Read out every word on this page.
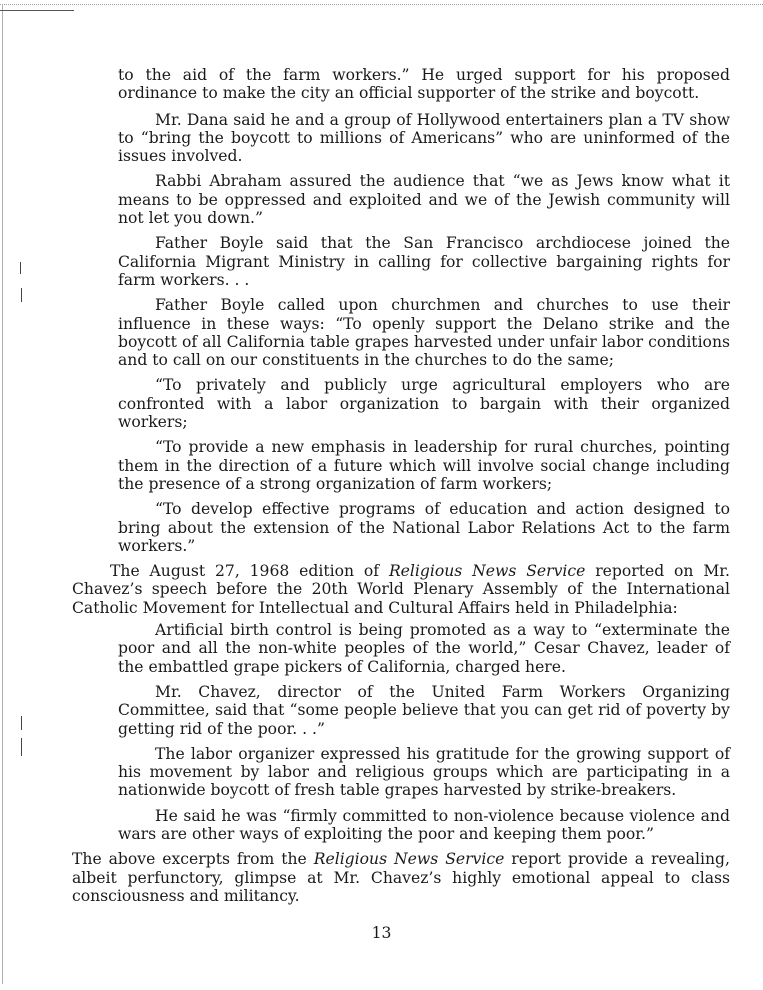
to the aid of the farm workers.” He urged support for his proposed ordinance to make the city an official supporter of the strike and boycott.

Mr. Dana said he and a group of Hollywood entertainers plan a TV show to “bring the boycott to millions of Americans” who are uninformed of the issues involved.

Rabbi Abraham assured the audience that “we as Jews know what it means to be oppressed and exploited and we of the Jewish community will not let you down.”

Father Boyle said that the San Francisco archdiocese joined the California Migrant Ministry in calling for collective bargaining rights for farm workers. . .

Father Boyle called upon churchmen and churches to use their influence in these ways: “To openly support the Delano strike and the boycott of all California table grapes harvested under unfair labor conditions and to call on our constituents in the churches to do the same;

“To privately and publicly urge agricultural employers who are confronted with a labor organization to bargain with their organized workers;

“To provide a new emphasis in leadership for rural churches, pointing them in the direction of a future which will involve social change including the presence of a strong organization of farm workers;

“To develop effective programs of education and action designed to bring about the extension of the National Labor Relations Act to the farm workers.”

The August 27, 1968 edition of Religious News Service reported on Mr. Chavez’s speech before the 20th World Plenary Assembly of the International Catholic Movement for Intellectual and Cultural Affairs held in Philadelphia:

Artificial birth control is being promoted as a way to “exterminate the poor and all the non-white peoples of the world,” Cesar Chavez, leader of the embattled grape pickers of California, charged here.

Mr. Chavez, director of the United Farm Workers Organizing Committee, said that “some people believe that you can get rid of poverty by getting rid of the poor. . .”

The labor organizer expressed his gratitude for the growing support of his movement by labor and religious groups which are participating in a nationwide boycott of fresh table grapes harvested by strike-breakers.

He said he was “firmly committed to non-violence because violence and wars are other ways of exploiting the poor and keeping them poor.”

The above excerpts from the Religious News Service report provide a revealing, albeit perfunctory, glimpse at Mr. Chavez’s highly emotional appeal to class consciousness and militancy.

13
